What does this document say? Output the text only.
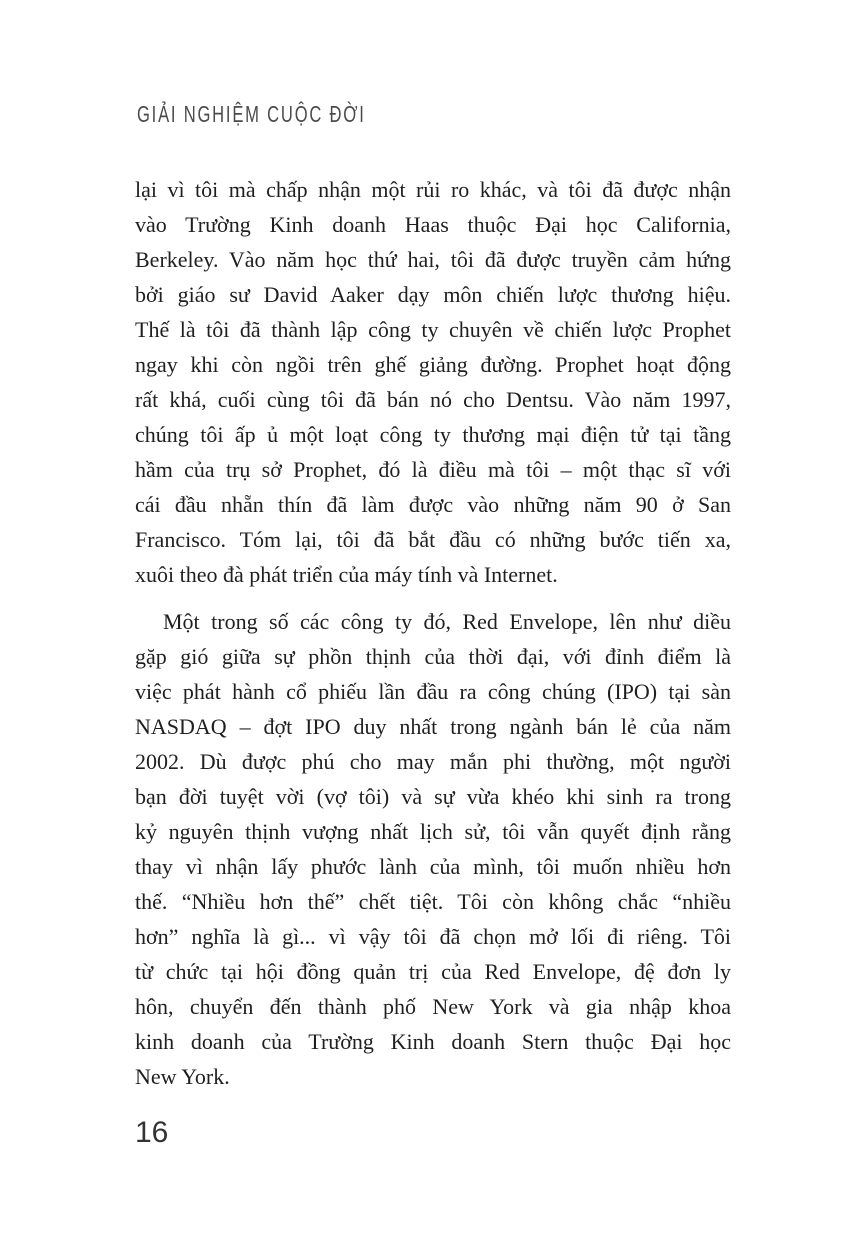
GIẢI NGHIỆM CUỘC ĐỜI
lại vì tôi mà chấp nhận một rủi ro khác, và tôi đã được nhận
vào Trường Kinh doanh Haas thuộc Đại học California,
Berkeley. Vào năm học thứ hai, tôi đã được truyền cảm hứng
bởi giáo sư David Aaker dạy môn chiến lược thương hiệu.
Thế là tôi đã thành lập công ty chuyên về chiến lược Prophet
ngay khi còn ngồi trên ghế giảng đường. Prophet hoạt động
rất khá, cuối cùng tôi đã bán nó cho Dentsu. Vào năm 1997,
chúng tôi ấp ủ một loạt công ty thương mại điện tử tại tầng
hầm của trụ sở Prophet, đó là điều mà tôi – một thạc sĩ với
cái đầu nhẵn thín đã làm được vào những năm 90 ở San
Francisco. Tóm lại, tôi đã bắt đầu có những bước tiến xa,
xuôi theo đà phát triển của máy tính và Internet.
Một trong số các công ty đó, Red Envelope, lên như diều
gặp gió giữa sự phồn thịnh của thời đại, với đỉnh điểm là
việc phát hành cổ phiếu lần đầu ra công chúng (IPO) tại sàn
NASDAQ – đợt IPO duy nhất trong ngành bán lẻ của năm
2002. Dù được phú cho may mắn phi thường, một người
bạn đời tuyệt vời (vợ tôi) và sự vừa khéo khi sinh ra trong
kỷ nguyên thịnh vượng nhất lịch sử, tôi vẫn quyết định rằng
thay vì nhận lấy phước lành của mình, tôi muốn nhiều hơn
thế. “Nhiều hơn thế” chết tiệt. Tôi còn không chắc “nhiều
hơn” nghĩa là gì... vì vậy tôi đã chọn mở lối đi riêng. Tôi
từ chức tại hội đồng quản trị của Red Envelope, đệ đơn ly
hôn, chuyển đến thành phố New York và gia nhập khoa
kinh doanh của Trường Kinh doanh Stern thuộc Đại học
New York.
16
